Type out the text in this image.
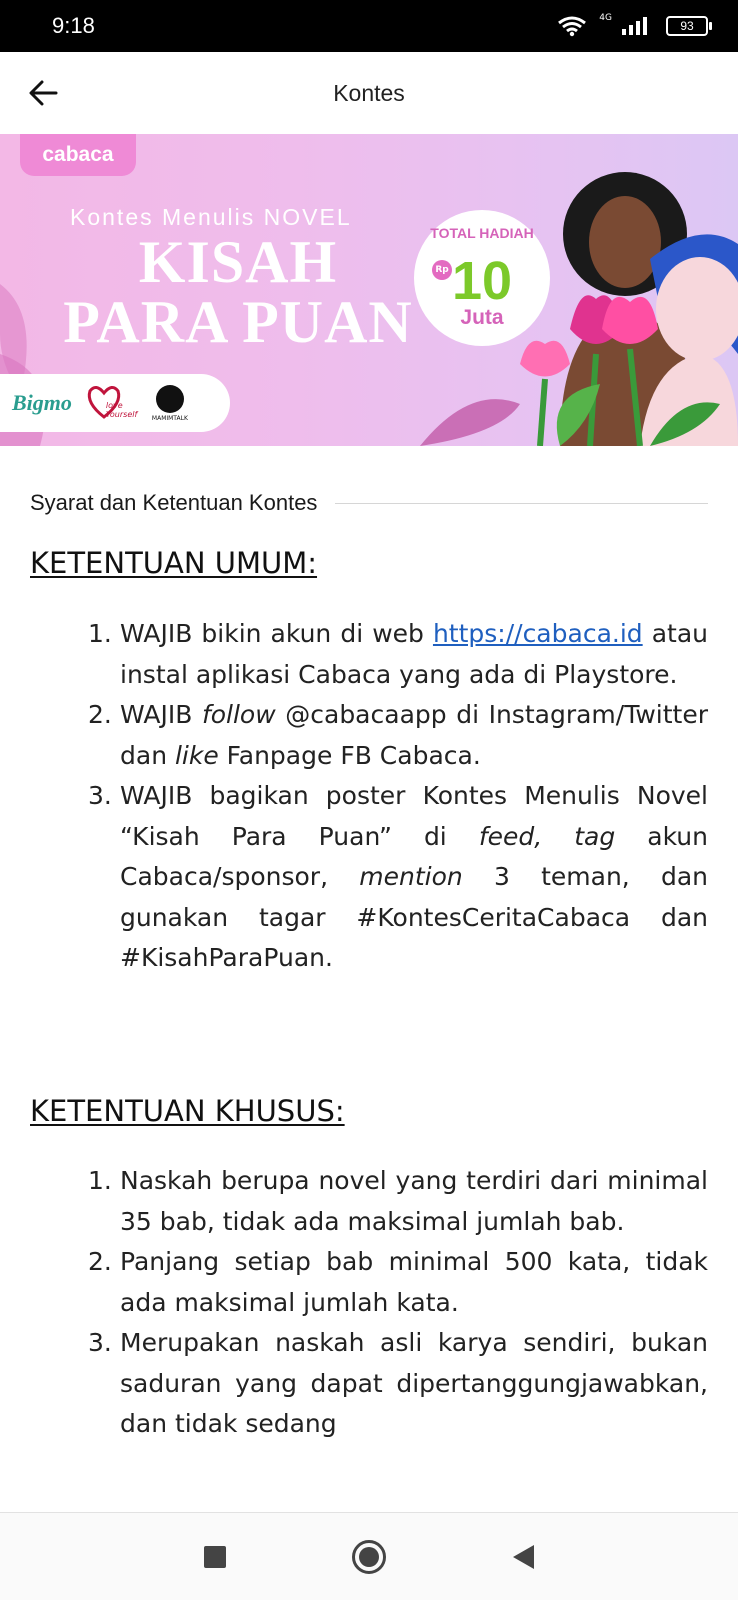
9:18	4G
93
Kontes
cabaca
Kontes Menulis NOVEL
KISAH PARA PUAN
TOTAL HADIAH
Rp 10
Juta
Bigmo	love Yourself	MAMIMTALK
Syarat dan Ketentuan Kontes
KETENTUAN UMUM:
1. WAJIB bikin akun di web https://cabaca.id atau instal aplikasi Cabaca yang ada di Playstore.
2. WAJIB follow @cabacaapp di Instagram/Twitter dan like Fanpage FB Cabaca.
3. WAJIB bagikan poster Kontes Menulis Novel “Kisah Para Puan” di feed, tag akun Cabaca/sponsor, mention 3 teman, dan gunakan tagar #KontesCeritaCabaca dan #KisahParaPuan.
KETENTUAN KHUSUS:
1. Naskah berupa novel yang terdiri dari minimal 35 bab, tidak ada maksimal jumlah bab.
2. Panjang setiap bab minimal 500 kata, tidak ada maksimal jumlah kata.
3. Merupakan naskah asli karya sendiri, bukan saduran yang dapat dipertanggungjawabkan, dan tidak sedang
